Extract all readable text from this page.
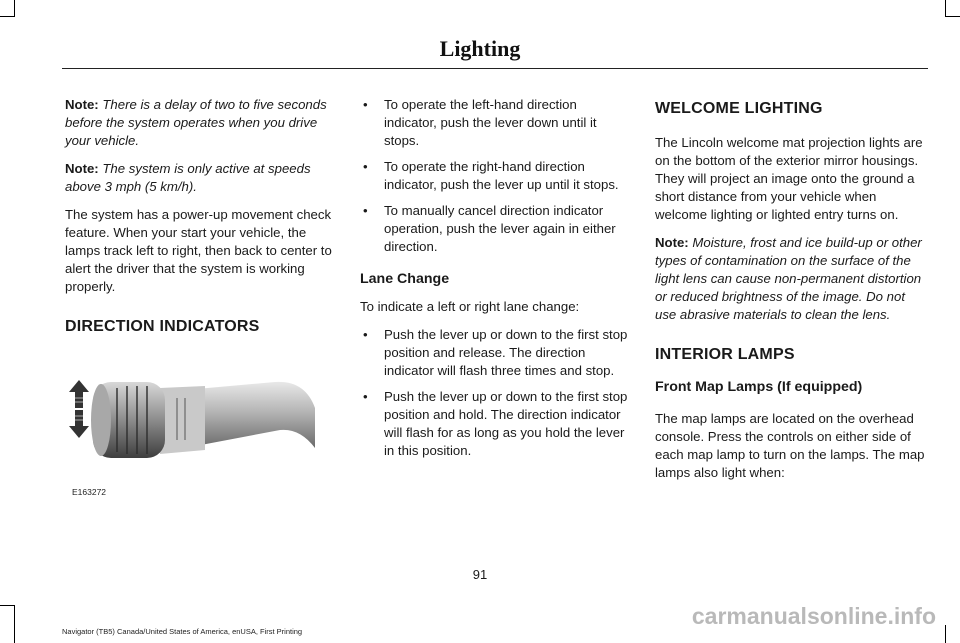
Lighting

Note: There is a delay of two to five seconds before the system operates when you drive your vehicle.

Note: The system is only active at speeds above 3 mph (5 km/h).

The system has a power-up movement check feature. When your start your vehicle, the lamps track left to right, then back to center to alert the driver that the system is working properly.

DIRECTION INDICATORS
E163272
• To operate the left-hand direction indicator, push the lever down until it stops.
• To operate the right-hand direction indicator, push the lever up until it stops.
• To manually cancel direction indicator operation, push the lever again in either direction.
Lane Change

To indicate a left or right lane change:

• Push the lever up or down to the first stop position and release. The direction indicator will flash three times and stop.
• Push the lever up or down to the first stop position and hold. The direction indicator will flash for as long as you hold the lever in this position.
WELCOME LIGHTING

The Lincoln welcome mat projection lights are on the bottom of the exterior mirror housings. They will project an image onto the ground a short distance from your vehicle when welcome lighting or lighted entry turns on.

Note: Moisture, frost and ice build-up or other types of contamination on the surface of the light lens can cause non-permanent distortion or reduced brightness of the image. Do not use abrasive materials to clean the lens.

INTERIOR LAMPS
Front Map Lamps (If equipped)

The map lamps are located on the overhead console. Press the controls on either side of each map lamp to turn on the lamps. The map lamps also light when:

91
Navigator (TB5) Canada/United States of America, enUSA, First Printing
carmanualsonline.info
